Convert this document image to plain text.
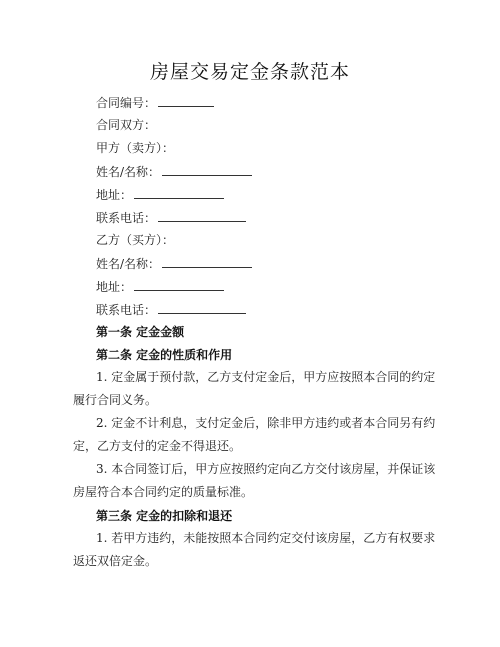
房屋交易定金条款范本
合同编号：
合同双方：
甲方（卖方）：
姓名/名称：
地址：
联系电话：
乙方（买方）：
姓名/名称：
地址：
联系电话：
第一条 定金金额
第二条 定金的性质和作用
1. 定金属于预付款，乙方支付定金后，甲方应按照本合同的约定
履行合同义务。
2. 定金不计利息，支付定金后，除非甲方违约或者本合同另有约
定，乙方支付的定金不得退还。
3. 本合同签订后，甲方应按照约定向乙方交付该房屋，并保证该
房屋符合本合同约定的质量标准。
第三条 定金的扣除和退还
1. 若甲方违约，未能按照本合同约定交付该房屋，乙方有权要求
返还双倍定金。
